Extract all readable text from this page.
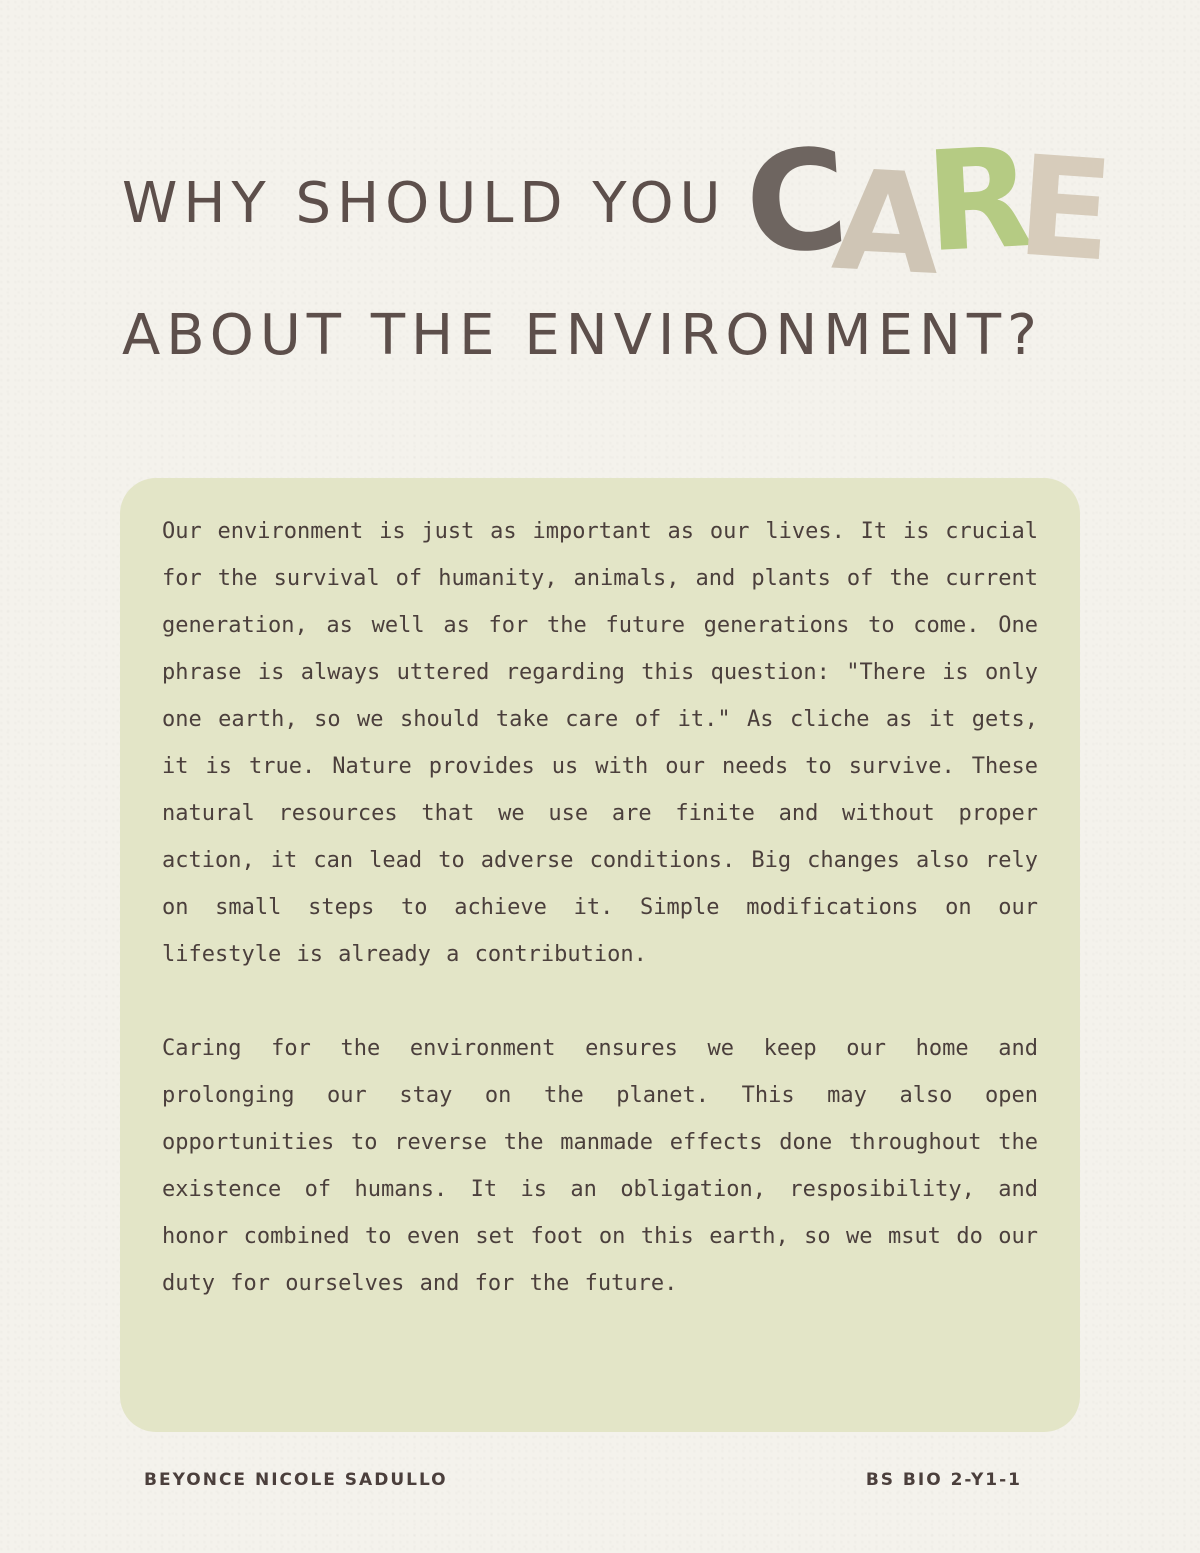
WHY SHOULD YOU C
A
R
E
ABOUT THE ENVIRONMENT?

Our environment is just as important as our lives. It is crucial for the survival of humanity, animals, and plants of the current generation, as well as for the future generations to come. One phrase is always uttered regarding this question: "There is only one earth, so we should take care of it." As cliche as it gets, it is true. Nature provides us with our needs to survive. These natural resources that we use are finite and without proper action, it can lead to adverse conditions. Big changes also rely on small steps to achieve it. Simple modifications on our lifestyle is already a contribution.

Caring for the environment ensures we keep our home and prolonging our stay on the planet. This may also open opportunities to reverse the manmade effects done throughout the existence of humans. It is an obligation, resposibility, and honor combined to even set foot on this earth, so we msut do our duty for ourselves and for the future.

BEYONCE NICOLE SADULLO	BS BIO 2-Y1-1
